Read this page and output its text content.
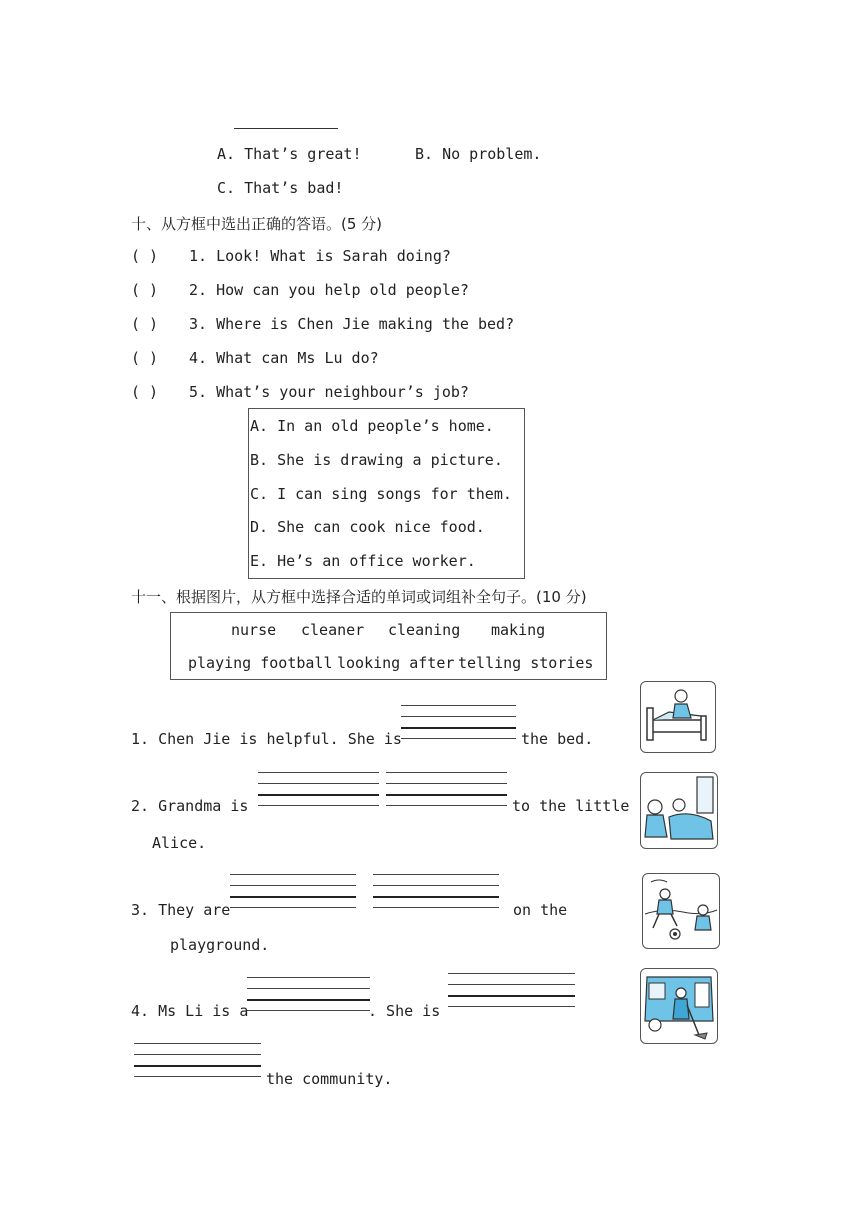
A. That’s great!	B. No problem.
C. That’s bad!
十、从方框中选出正确的答语。(5 分)
( ) 1. Look! What is Sarah doing?
( ) 2. How can you help old people?
( ) 3. Where is Chen Jie making the bed?
( ) 4. What can Ms Lu do?
( ) 5. What’s your neighbour’s job?
A. In an old people’s home.
B. She is drawing a picture.
C. I can sing songs for them.
D. She can cook nice food.
E. He’s an office worker.
十一、根据图片，从方框中选择合适的单词或词组补全句子。(10 分)
nurse cleaner cleaning making
playing football looking after telling stories
1. Chen Jie is helpful. She is	the bed.
2. Grandma is	to the little
Alice.
3. They are	on the
playground.
4. Ms Li is a	. She is
the community.
